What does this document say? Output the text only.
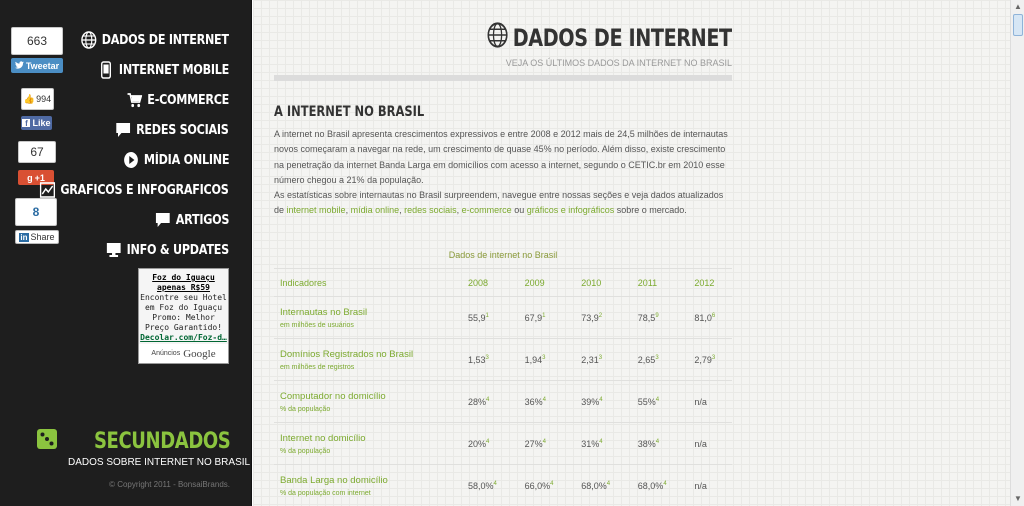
663
Tweetar
👍 994
f Like
67
g +1
8
in Share
DADOS DE INTERNET
INTERNET MOBILE
E-COMMERCE
REDES SOCIAIS
MÍDIA ONLINE
GRAFICOS E INFOGRAFICOS
ARTIGOS
INFO & UPDATES
Foz do Iguaçu
apenas R$59
Encontre seu Hotel
em Foz do Iguaçu
Promo: Melhor
Preço Garantido!
Decolar.com/Foz-d…
Anúncios Google
SECUNDADOS
DADOS SOBRE INTERNET NO BRASIL
© Copyright 2011 - BonsaiBrands.
DADOS DE INTERNET
VEJA OS ÚLTIMOS DADOS DA INTERNET NO BRASIL
A INTERNET NO BRASIL
A internet no Brasil apresenta crescimentos expressivos e entre 2008 e 2012 mais de 24,5 milhões de internautas novos começaram a navegar na rede, um crescimento de quase 45% no período. Além disso, existe crescimento na penetração da internet Banda Larga em domicílios com acesso a internet, segundo o CETIC.br em 2010 esse número chegou a 21% da população.
As estatísticas sobre internautas no Brasil surpreendem, navegue entre nossas seções e veja dados atualizados de internet mobile, mídia online, redes sociais, e-commerce ou gráficos e infográficos sobre o mercado.
Dados de internet no Brasil
Indicadores	2008	2009	2010	2011	2012

Internautas no Brasil
em milhões de usuários	55,9$^1$	67,9$^1$	73,9$^2$	78,5$^9$	81,0$^6$

Domínios Registrados no Brasil
em milhões de registros	1,53$^3$	1,94$^3$	2,31$^3$	2,65$^3$	2,79$^3$

Computador no domicílio
% da população	28%$^4$	36%$^4$	39%$^4$	55%$^4$	n/a

Internet no domicílio
% da população	20%$^4$	27%$^4$	31%$^4$	38%$^4$	n/a

Banda Larga no domicílio
% da população com internet	58,0%$^4$	66,0%$^4$	68,0%$^4$	68,0%$^4$	n/a
▲
▼
